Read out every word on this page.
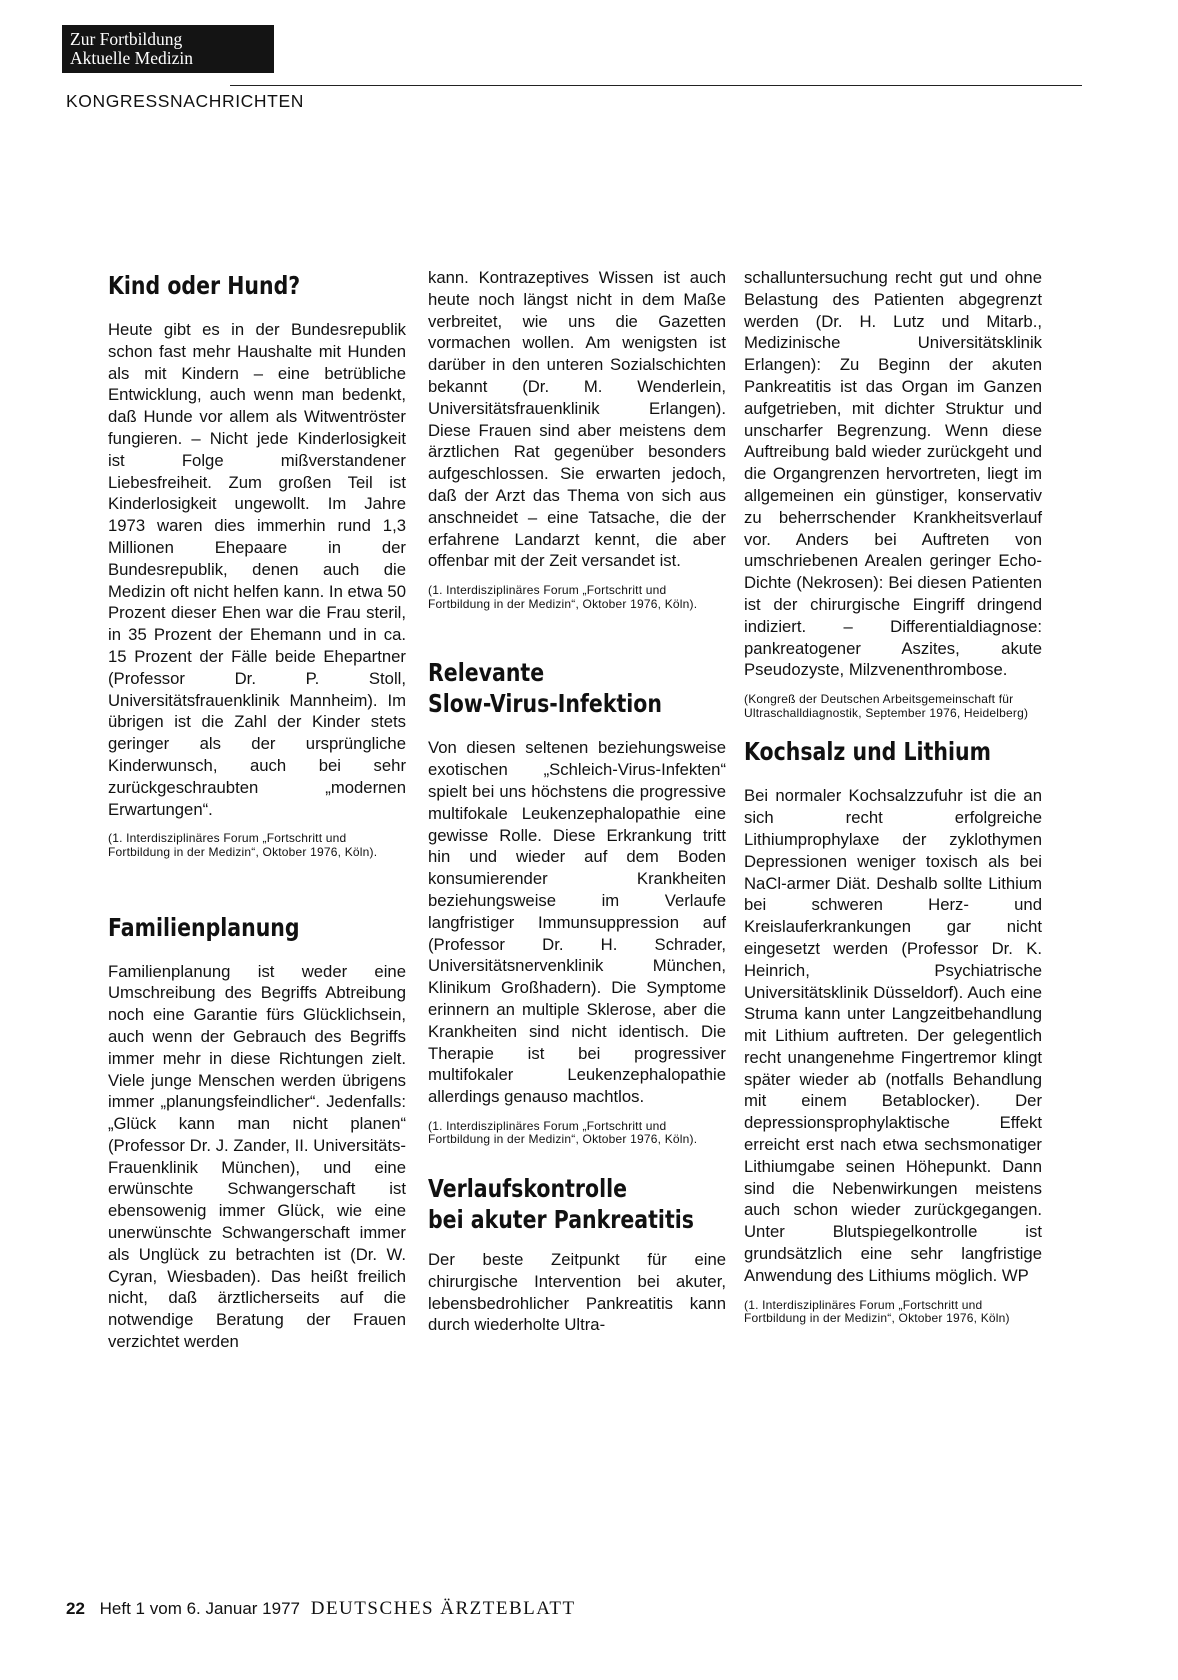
Zur Fortbildung
Aktuelle Medizin
KONGRESSNACHRICHTEN
Kind oder Hund?

Heute gibt es in der Bundesrepublik schon fast mehr Haushalte mit Hunden als mit Kindern – eine betrübliche Entwicklung, auch wenn man bedenkt, daß Hunde vor allem als Witwentröster fungieren. – Nicht jede Kinderlosigkeit ist Folge mißverstandener Liebesfreiheit. Zum großen Teil ist Kinderlosigkeit ungewollt. Im Jahre 1973 waren dies immerhin rund 1,3 Millionen Ehepaare in der Bundesrepublik, denen auch die Medizin oft nicht helfen kann. In etwa 50 Prozent dieser Ehen war die Frau steril, in 35 Prozent der Ehemann und in ca. 15 Prozent der Fälle beide Ehepartner (Professor Dr. P. Stoll, Universitätsfrauenklinik Mannheim). Im übrigen ist die Zahl der Kinder stets geringer als der ursprüngliche Kinderwunsch, auch bei sehr zurückgeschraubten „modernen Erwartungen“.

(1. Interdisziplinäres Forum „Fortschritt und Fortbildung in der Medizin“, Oktober 1976, Köln).

Familienplanung

Familienplanung ist weder eine Umschreibung des Begriffs Abtreibung noch eine Garantie fürs Glücklichsein, auch wenn der Gebrauch des Begriffs immer mehr in diese Richtungen zielt. Viele junge Menschen werden übrigens immer „planungsfeindlicher“. Jedenfalls: „Glück kann man nicht planen“ (Professor Dr. J. Zander, II. Universitäts-Frauenklinik München), und eine erwünschte Schwangerschaft ist ebensowenig immer Glück, wie eine unerwünschte Schwangerschaft immer als Unglück zu betrachten ist (Dr. W. Cyran, Wiesbaden). Das heißt freilich nicht, daß ärztlicherseits auf die notwendige Beratung der Frauen verzichtet werden

kann. Kontrazeptives Wissen ist auch heute noch längst nicht in dem Maße verbreitet, wie uns die Gazetten vormachen wollen. Am wenigsten ist darüber in den unteren Sozialschichten bekannt (Dr. M. Wenderlein, Universitätsfrauenklinik Erlangen). Diese Frauen sind aber meistens dem ärztlichen Rat gegenüber besonders aufgeschlossen. Sie erwarten jedoch, daß der Arzt das Thema von sich aus anschneidet – eine Tatsache, die der erfahrene Landarzt kennt, die aber offenbar mit der Zeit versandet ist.

(1. Interdisziplinäres Forum „Fortschritt und Fortbildung in der Medizin“, Oktober 1976, Köln).

Relevante
Slow-Virus-Infektion

Von diesen seltenen beziehungsweise exotischen „Schleich-Virus-Infekten“ spielt bei uns höchstens die progressive multifokale Leukenzephalopathie eine gewisse Rolle. Diese Erkrankung tritt hin und wieder auf dem Boden konsumierender Krankheiten beziehungsweise im Verlaufe langfristiger Immunsuppression auf (Professor Dr. H. Schrader, Universitätsnervenklinik München, Klinikum Großhadern). Die Symptome erinnern an multiple Sklerose, aber die Krankheiten sind nicht identisch. Die Therapie ist bei progressiver multifokaler Leukenzephalopathie allerdings genauso machtlos.

(1. Interdisziplinäres Forum „Fortschritt und Fortbildung in der Medizin“, Oktober 1976, Köln).

Verlaufskontrolle
bei akuter Pankreatitis

Der beste Zeitpunkt für eine chirurgische Intervention bei akuter, lebensbedrohlicher Pankreatitis kann durch wiederholte Ultra-

schalluntersuchung recht gut und ohne Belastung des Patienten abgegrenzt werden (Dr. H. Lutz und Mitarb., Medizinische Universitätsklinik Erlangen): Zu Beginn der akuten Pankreatitis ist das Organ im Ganzen aufgetrieben, mit dichter Struktur und unscharfer Begrenzung. Wenn diese Auftreibung bald wieder zurückgeht und die Organgrenzen hervortreten, liegt im allgemeinen ein günstiger, konservativ zu beherrschender Krankheitsverlauf vor. Anders bei Auftreten von umschriebenen Arealen geringer Echo-Dichte (Nekrosen): Bei diesen Patienten ist der chirurgische Eingriff dringend indiziert. – Differentialdiagnose: pankreatogener Aszites, akute Pseudozyste, Milzvenenthrombose.

(Kongreß der Deutschen Arbeitsgemeinschaft für Ultraschalldiagnostik, September 1976, Heidelberg)

Kochsalz und Lithium

Bei normaler Kochsalzzufuhr ist die an sich recht erfolgreiche Lithiumprophylaxe der zyklothymen Depressionen weniger toxisch als bei NaCl-armer Diät. Deshalb sollte Lithium bei schweren Herz- und Kreislauferkrankungen gar nicht eingesetzt werden (Professor Dr. K. Heinrich, Psychiatrische Universitätsklinik Düsseldorf). Auch eine Struma kann unter Langzeitbehandlung mit Lithium auftreten. Der gelegentlich recht unangenehme Fingertremor klingt später wieder ab (notfalls Behandlung mit einem Betablocker). Der depressionsprophylaktische Effekt erreicht erst nach etwa sechsmonatiger Lithiumgabe seinen Höhepunkt. Dann sind die Nebenwirkungen meistens auch schon wieder zurückgegangen. Unter Blutspiegelkontrolle ist grundsätzlich eine sehr langfristige Anwendung des Lithiums möglich. WP

(1. Interdisziplinäres Forum „Fortschritt und Fortbildung in der Medizin“, Oktober 1976, Köln)

22 Heft 1 vom 6. Januar 1977 DEUTSCHES ÄRZTEBLATT
